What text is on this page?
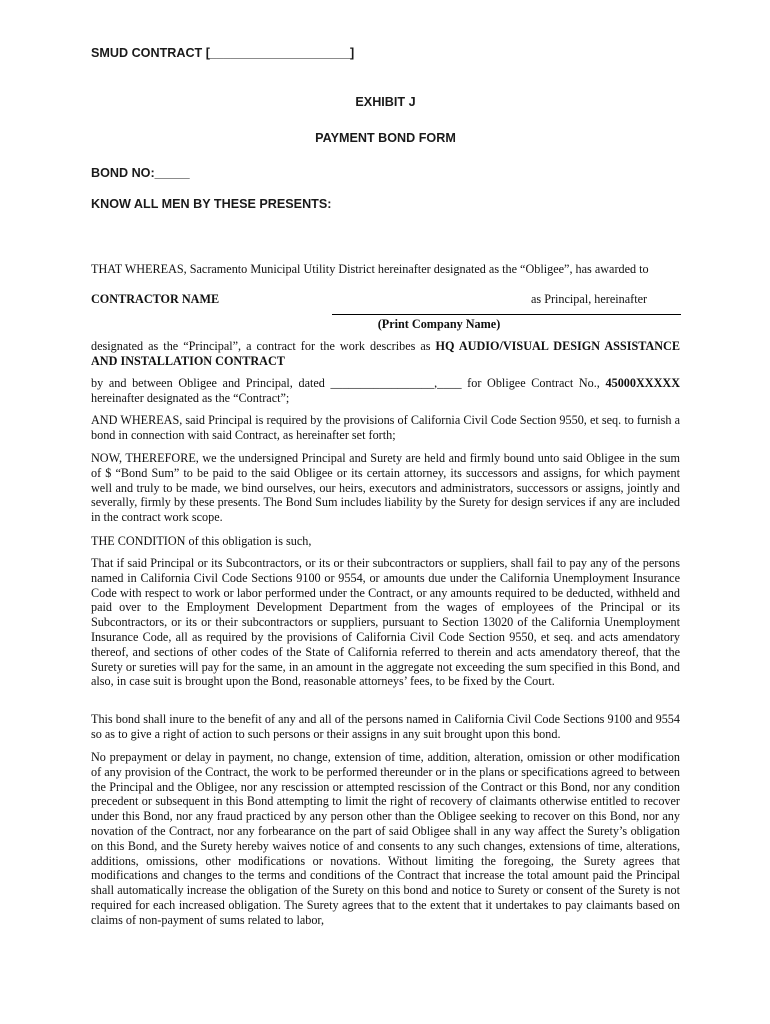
SMUD CONTRACT [____________________]
EXHIBIT J
PAYMENT BOND FORM
BOND NO:_____
KNOW ALL MEN BY THESE PRESENTS:
THAT WHEREAS, Sacramento Municipal Utility District hereinafter designated as the “Obligee”, has awarded to
CONTRACTOR NAME	as Principal, hereinafter
(Print Company Name)

designated as the “Principal”, a contract for the work describes as HQ AUDIO/VISUAL DESIGN ASSISTANCE AND INSTALLATION CONTRACT

by and between Obligee and Principal, dated _________________,____ for Obligee Contract No., 45000XXXXX hereinafter designated as the “Contract”;

AND WHEREAS, said Principal is required by the provisions of California Civil Code Section 9550, et seq. to furnish a bond in connection with said Contract, as hereinafter set forth;

NOW, THEREFORE, we the undersigned Principal and Surety are held and firmly bound unto said Obligee in the sum of $ “Bond Sum” to be paid to the said Obligee or its certain attorney, its successors and assigns, for which payment well and truly to be made, we bind ourselves, our heirs, executors and administrators, successors or assigns, jointly and severally, firmly by these presents. The Bond Sum includes liability by the Surety for design services if any are included in the contract work scope.

THE CONDITION of this obligation is such,

That if said Principal or its Subcontractors, or its or their subcontractors or suppliers, shall fail to pay any of the persons named in California Civil Code Sections 9100 or 9554, or amounts due under the California Unemployment Insurance Code with respect to work or labor performed under the Contract, or any amounts required to be deducted, withheld and paid over to the Employment Development Department from the wages of employees of the Principal or its Subcontractors, or its or their subcontractors or suppliers, pursuant to Section 13020 of the California Unemployment Insurance Code, all as required by the provisions of California Civil Code Section 9550, et seq. and acts amendatory thereof, and sections of other codes of the State of California referred to therein and acts amendatory thereof, that the Surety or sureties will pay for the same, in an amount in the aggregate not exceeding the sum specified in this Bond, and also, in case suit is brought upon the Bond, reasonable attorneys’ fees, to be fixed by the Court.

This bond shall inure to the benefit of any and all of the persons named in California Civil Code Sections 9100 and 9554 so as to give a right of action to such persons or their assigns in any suit brought upon this bond.

No prepayment or delay in payment, no change, extension of time, addition, alteration, omission or other modification of any provision of the Contract, the work to be performed thereunder or in the plans or specifications agreed to between the Principal and the Obligee, nor any rescission or attempted rescission of the Contract or this Bond, nor any condition precedent or subsequent in this Bond attempting to limit the right of recovery of claimants otherwise entitled to recover under this Bond, nor any fraud practiced by any person other than the Obligee seeking to recover on this Bond, nor any novation of the Contract, nor any forbearance on the part of said Obligee shall in any way affect the Surety’s obligation on this Bond, and the Surety hereby waives notice of and consents to any such changes, extensions of time, alterations, additions, omissions, other modifications or novations. Without limiting the foregoing, the Surety agrees that modifications and changes to the terms and conditions of the Contract that increase the total amount paid the Principal shall automatically increase the obligation of the Surety on this bond and notice to Surety or consent of the Surety is not required for each increased obligation. The Surety agrees that to the extent that it undertakes to pay claimants based on claims of non-payment of sums related to labor,
